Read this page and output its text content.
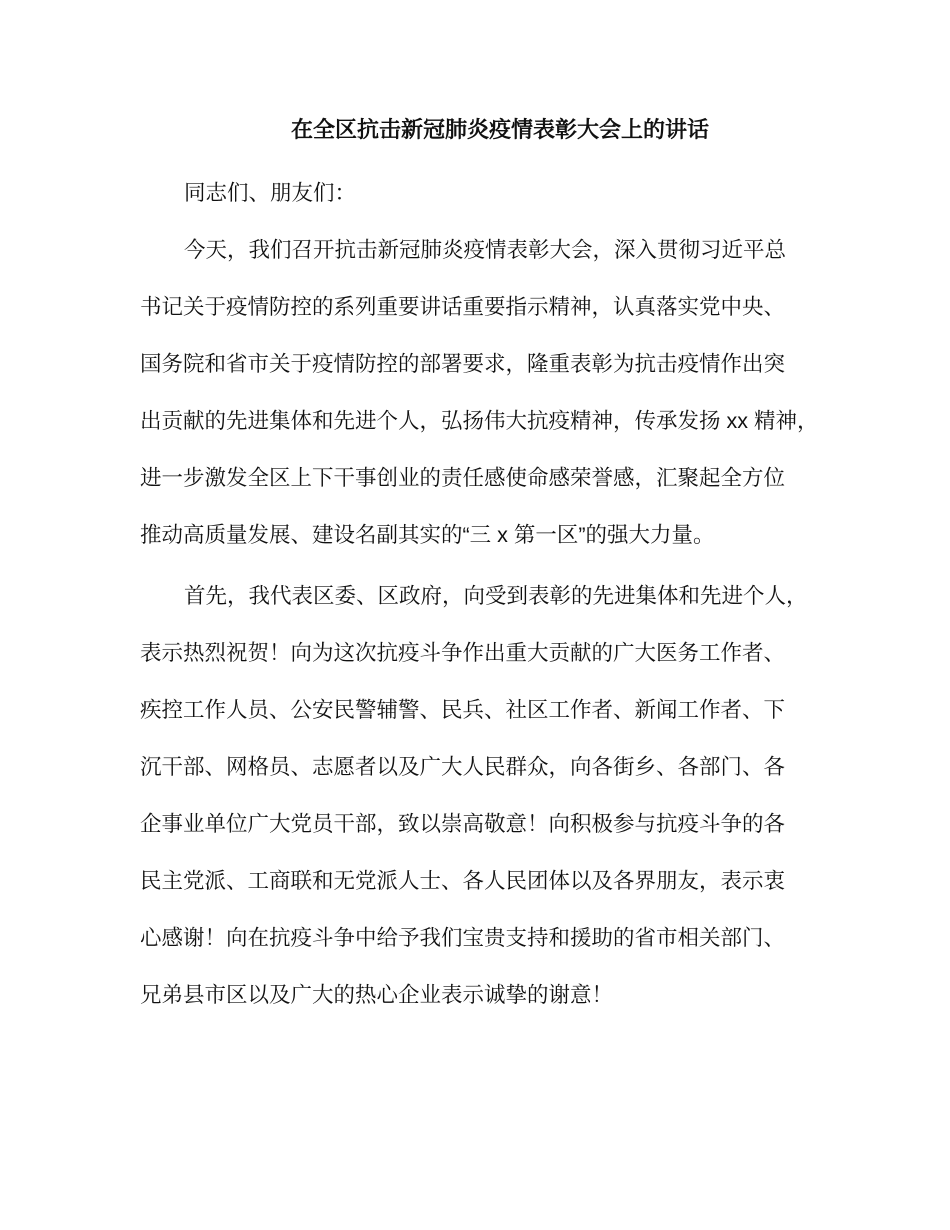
在全区抗击新冠肺炎疫情表彰大会上的讲话
同志们、朋友们：
今天，我们召开抗击新冠肺炎疫情表彰大会，深入贯彻习近平总
书记关于疫情防控的系列重要讲话重要指示精神，认真落实党中央、
国务院和省市关于疫情防控的部署要求，隆重表彰为抗击疫情作出突
出贡献的先进集体和先进个人，弘扬伟大抗疫精神，传承发扬 xx 精神，
进一步激发全区上下干事创业的责任感使命感荣誉感，汇聚起全方位
推动高质量发展、建设名副其实的“三 x 第一区”的强大力量。
首先，我代表区委、区政府，向受到表彰的先进集体和先进个人，
表示热烈祝贺！向为这次抗疫斗争作出重大贡献的广大医务工作者、
疾控工作人员、公安民警辅警、民兵、社区工作者、新闻工作者、下
沉干部、网格员、志愿者以及广大人民群众，向各街乡、各部门、各
企事业单位广大党员干部，致以崇高敬意！向积极参与抗疫斗争的各
民主党派、工商联和无党派人士、各人民团体以及各界朋友，表示衷
心感谢！向在抗疫斗争中给予我们宝贵支持和援助的省市相关部门、
兄弟县市区以及广大的热心企业表示诚挚的谢意！
